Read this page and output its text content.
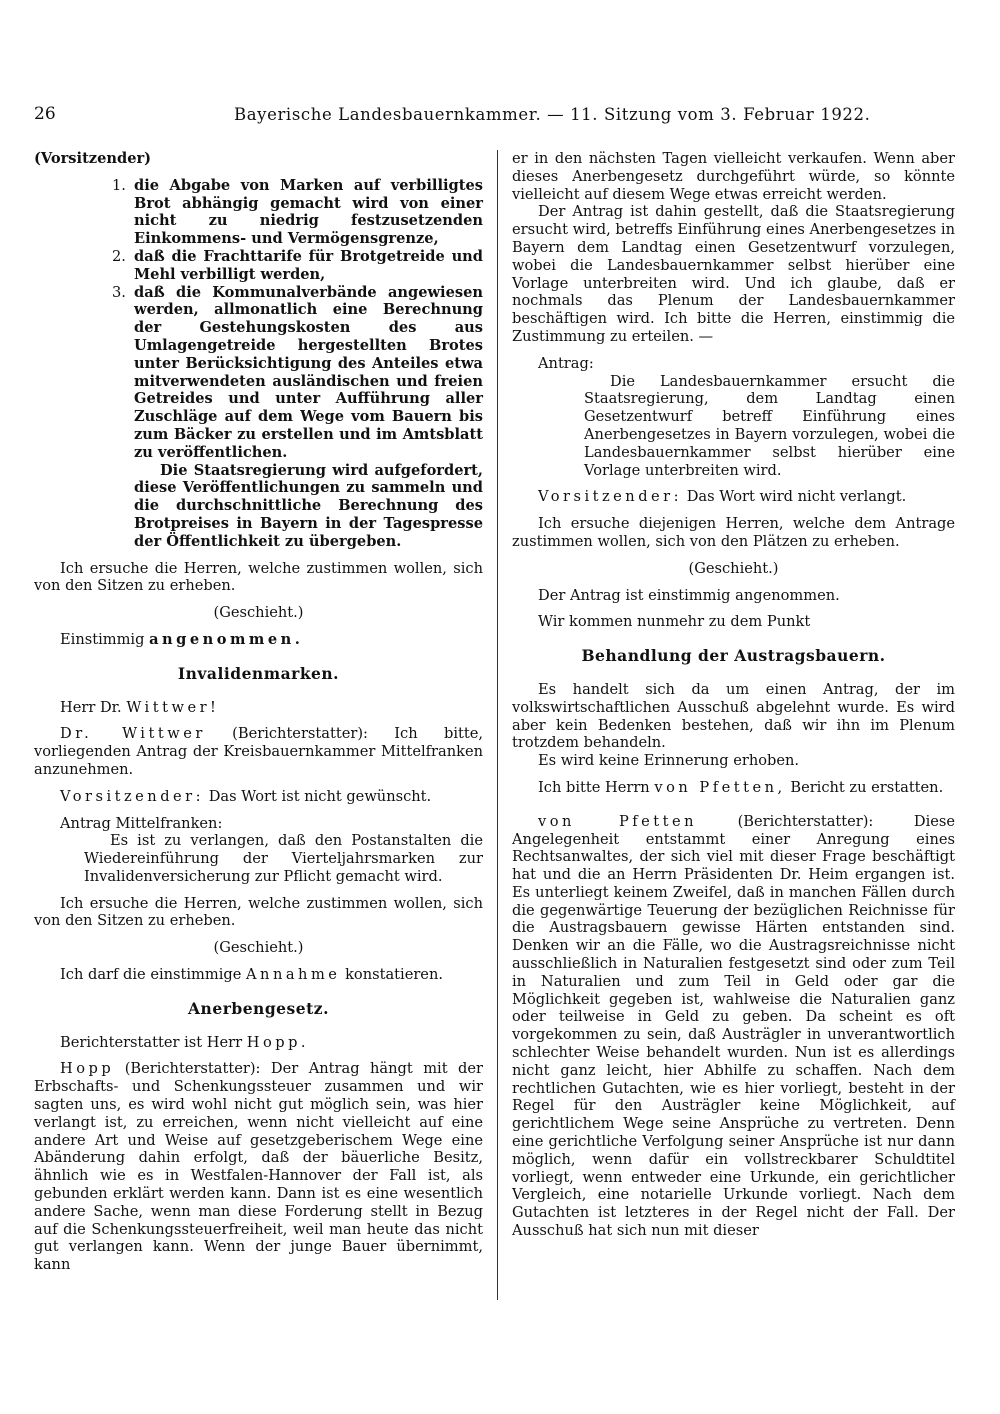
26	Bayerische Landesbauernkammer. — 11. Sitzung vom 3. Februar 1922.

(Vorsitzender)

1. die Abgabe von Marken auf verbilligtes Brot abhängig gemacht wird von einer nicht zu niedrig festzusetzenden Einkommens- und Vermögensgrenze,
2. daß die Frachttarife für Brotgetreide und Mehl verbilligt werden,
3. daß die Kommunalverbände angewiesen werden, allmonatlich eine Berechnung der Gestehungskosten des aus Umlagengetreide hergestellten Brotes unter Berücksichtigung des Anteiles etwa mitverwendeten ausländischen und freien Getreides und unter Aufführung aller Zuschläge auf dem Wege vom Bauern bis zum Bäcker zu erstellen und im Amtsblatt zu veröffentlichen.

Die Staatsregierung wird aufgefordert, diese Veröffentlichungen zu sammeln und die durchschnittliche Berechnung des Brotpreises in Bayern in der Tagespresse der Öffentlichkeit zu übergeben.

Ich ersuche die Herren, welche zustimmen wollen, sich von den Sitzen zu erheben.

(Geschieht.)

Einstimmig angenommen.

Invalidenmarken.

Herr Dr. Wittwer!

Dr. Wittwer (Berichterstatter): Ich bitte, vorliegenden Antrag der Kreisbauernkammer Mittelfranken anzunehmen.

Vorsitzender: Das Wort ist nicht gewünscht.

Antrag Mittelfranken:

Es ist zu verlangen, daß den Postanstalten die Wiedereinführung der Vierteljahrsmarken zur Invalidenversicherung zur Pflicht gemacht wird.

Ich ersuche die Herren, welche zustimmen wollen, sich von den Sitzen zu erheben.

(Geschieht.)

Ich darf die einstimmige Annahme konstatieren.

Anerbengesetz.

Berichterstatter ist Herr Hopp.

Hopp (Berichterstatter): Der Antrag hängt mit der Erbschafts- und Schenkungssteuer zusammen und wir sagten uns, es wird wohl nicht gut möglich sein, was hier verlangt ist, zu erreichen, wenn nicht vielleicht auf eine andere Art und Weise auf gesetzgeberischem Wege eine Abänderung dahin erfolgt, daß der bäuerliche Besitz, ähnlich wie es in Westfalen-Hannover der Fall ist, als gebunden erklärt werden kann. Dann ist es eine wesentlich andere Sache, wenn man diese Forderung stellt in Bezug auf die Schenkungssteuerfreiheit, weil man heute das nicht gut verlangen kann. Wenn der junge Bauer übernimmt, kann

er in den nächsten Tagen vielleicht verkaufen. Wenn aber dieses Anerbengesetz durchgeführt würde, so könnte vielleicht auf diesem Wege etwas erreicht werden.

Der Antrag ist dahin gestellt, daß die Staatsregierung ersucht wird, betreffs Einführung eines Anerbengesetzes in Bayern dem Landtag einen Gesetzentwurf vorzulegen, wobei die Landesbauernkammer selbst hierüber eine Vorlage unterbreiten wird. Und ich glaube, daß er nochmals das Plenum der Landesbauernkammer beschäftigen wird. Ich bitte die Herren, einstimmig die Zustimmung zu erteilen. —

Antrag:

Die Landesbauernkammer ersucht die Staatsregierung, dem Landtag einen Gesetzentwurf betreff Einführung eines Anerbengesetzes in Bayern vorzulegen, wobei die Landesbauernkammer selbst hierüber eine Vorlage unterbreiten wird.

Vorsitzender: Das Wort wird nicht verlangt.

Ich ersuche diejenigen Herren, welche dem Antrage zustimmen wollen, sich von den Plätzen zu erheben.

(Geschieht.)

Der Antrag ist einstimmig angenommen.

Wir kommen nunmehr zu dem Punkt

Behandlung der Austragsbauern.

Es handelt sich da um einen Antrag, der im volkswirtschaftlichen Ausschuß abgelehnt wurde. Es wird aber kein Bedenken bestehen, daß wir ihn im Plenum trotzdem behandeln.

Es wird keine Erinnerung erhoben.

Ich bitte Herrn von Pfetten, Bericht zu erstatten.

von Pfetten	(Berichterstatter): Diese Angelegenheit entstammt einer Anregung eines Rechtsanwaltes, der sich viel mit dieser Frage beschäftigt hat und die an Herrn Präsidenten Dr. Heim ergangen ist. Es unterliegt keinem Zweifel, daß in manchen Fällen durch die gegenwärtige Teuerung der bezüglichen Reichnisse für die Austragsbauern gewisse Härten entstanden sind. Denken wir an die Fälle, wo die Austragsreichnisse nicht ausschließlich in Naturalien festgesetzt sind oder zum Teil in Naturalien und zum Teil in Geld oder gar die Möglichkeit gegeben ist, wahlweise die Naturalien ganz oder teilweise in Geld zu geben. Da scheint es oft vorgekommen zu sein, daß Austrägler in unverantwortlich schlechter Weise behandelt wurden. Nun ist es allerdings nicht ganz leicht, hier Abhilfe zu schaffen. Nach dem rechtlichen Gutachten, wie es hier vorliegt, besteht in der Regel für den Austrägler keine Möglichkeit, auf gerichtlichem Wege seine Ansprüche zu vertreten. Denn eine gerichtliche Verfolgung seiner Ansprüche ist nur dann möglich, wenn dafür ein vollstreckbarer Schuldtitel vorliegt, wenn entweder eine Urkunde, ein gerichtlicher Vergleich, eine notarielle Urkunde vorliegt. Nach dem Gutachten ist letzteres in der Regel nicht der Fall. Der Ausschuß hat sich nun mit dieser
